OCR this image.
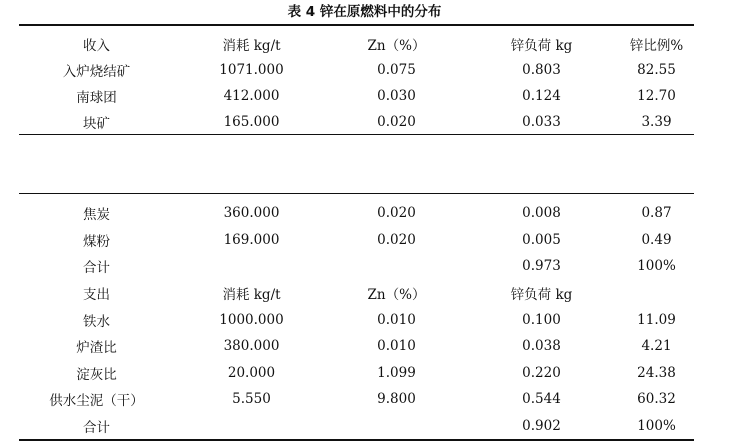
表 4 锌在原燃料中的分布
收入	消耗 kg/t	Zn（%）	锌负荷 kg	锌比例%
入炉烧结矿	1071.000	0.075	0.803	82.55
南球团	412.000	0.030	0.124	12.70
块矿	165.000	0.020	0.033	3.39
焦炭	360.000	0.020	0.008	0.87
煤粉	169.000	0.020	0.005	0.49
合计			0.973	100%
支出	消耗 kg/t	Zn（%）	锌负荷 kg	
铁水	1000.000	0.010	0.100	11.09
炉渣比	380.000	0.010	0.038	4.21
淀灰比	20.000	1.099	0.220	24.38
供水尘泥（干）	5.550	9.800	0.544	60.32
合计			0.902	100%
